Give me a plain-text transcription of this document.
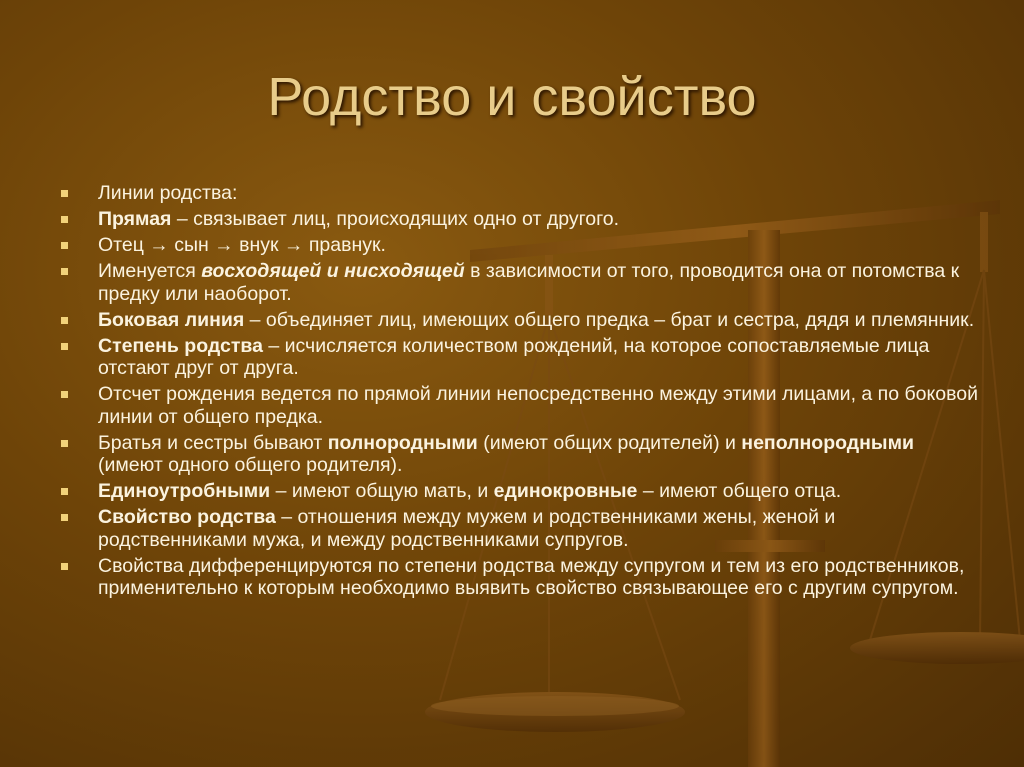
Родство и свойство
Линии родства:
Прямая – связывает лиц, происходящих одно от другого.
Отец → сын → внук → правнук.
Именуется восходящей и нисходящей в зависимости от того, проводится она от потомства к предку или наоборот.
Боковая линия – объединяет лиц, имеющих общего предка – брат и сестра, дядя и племянник.
Степень родства – исчисляется количеством рождений, на которое сопоставляемые лица отстают друг от друга.
Отсчет рождения ведется по прямой линии непосредственно между этими лицами, а по боковой линии от общего предка.
Братья и сестры бывают полнородными (имеют общих родителей) и неполнородными (имеют одного общего родителя).
Единоутробными – имеют общую мать, и единокровные – имеют общего отца.
Свойство родства – отношения между мужем и родственниками жены, женой и родственниками мужа, и между родственниками супругов.
Свойства дифференцируются по степени родства между супругом и тем из его родственников, применительно к которым необходимо выявить свойство связывающее его с другим супругом.
